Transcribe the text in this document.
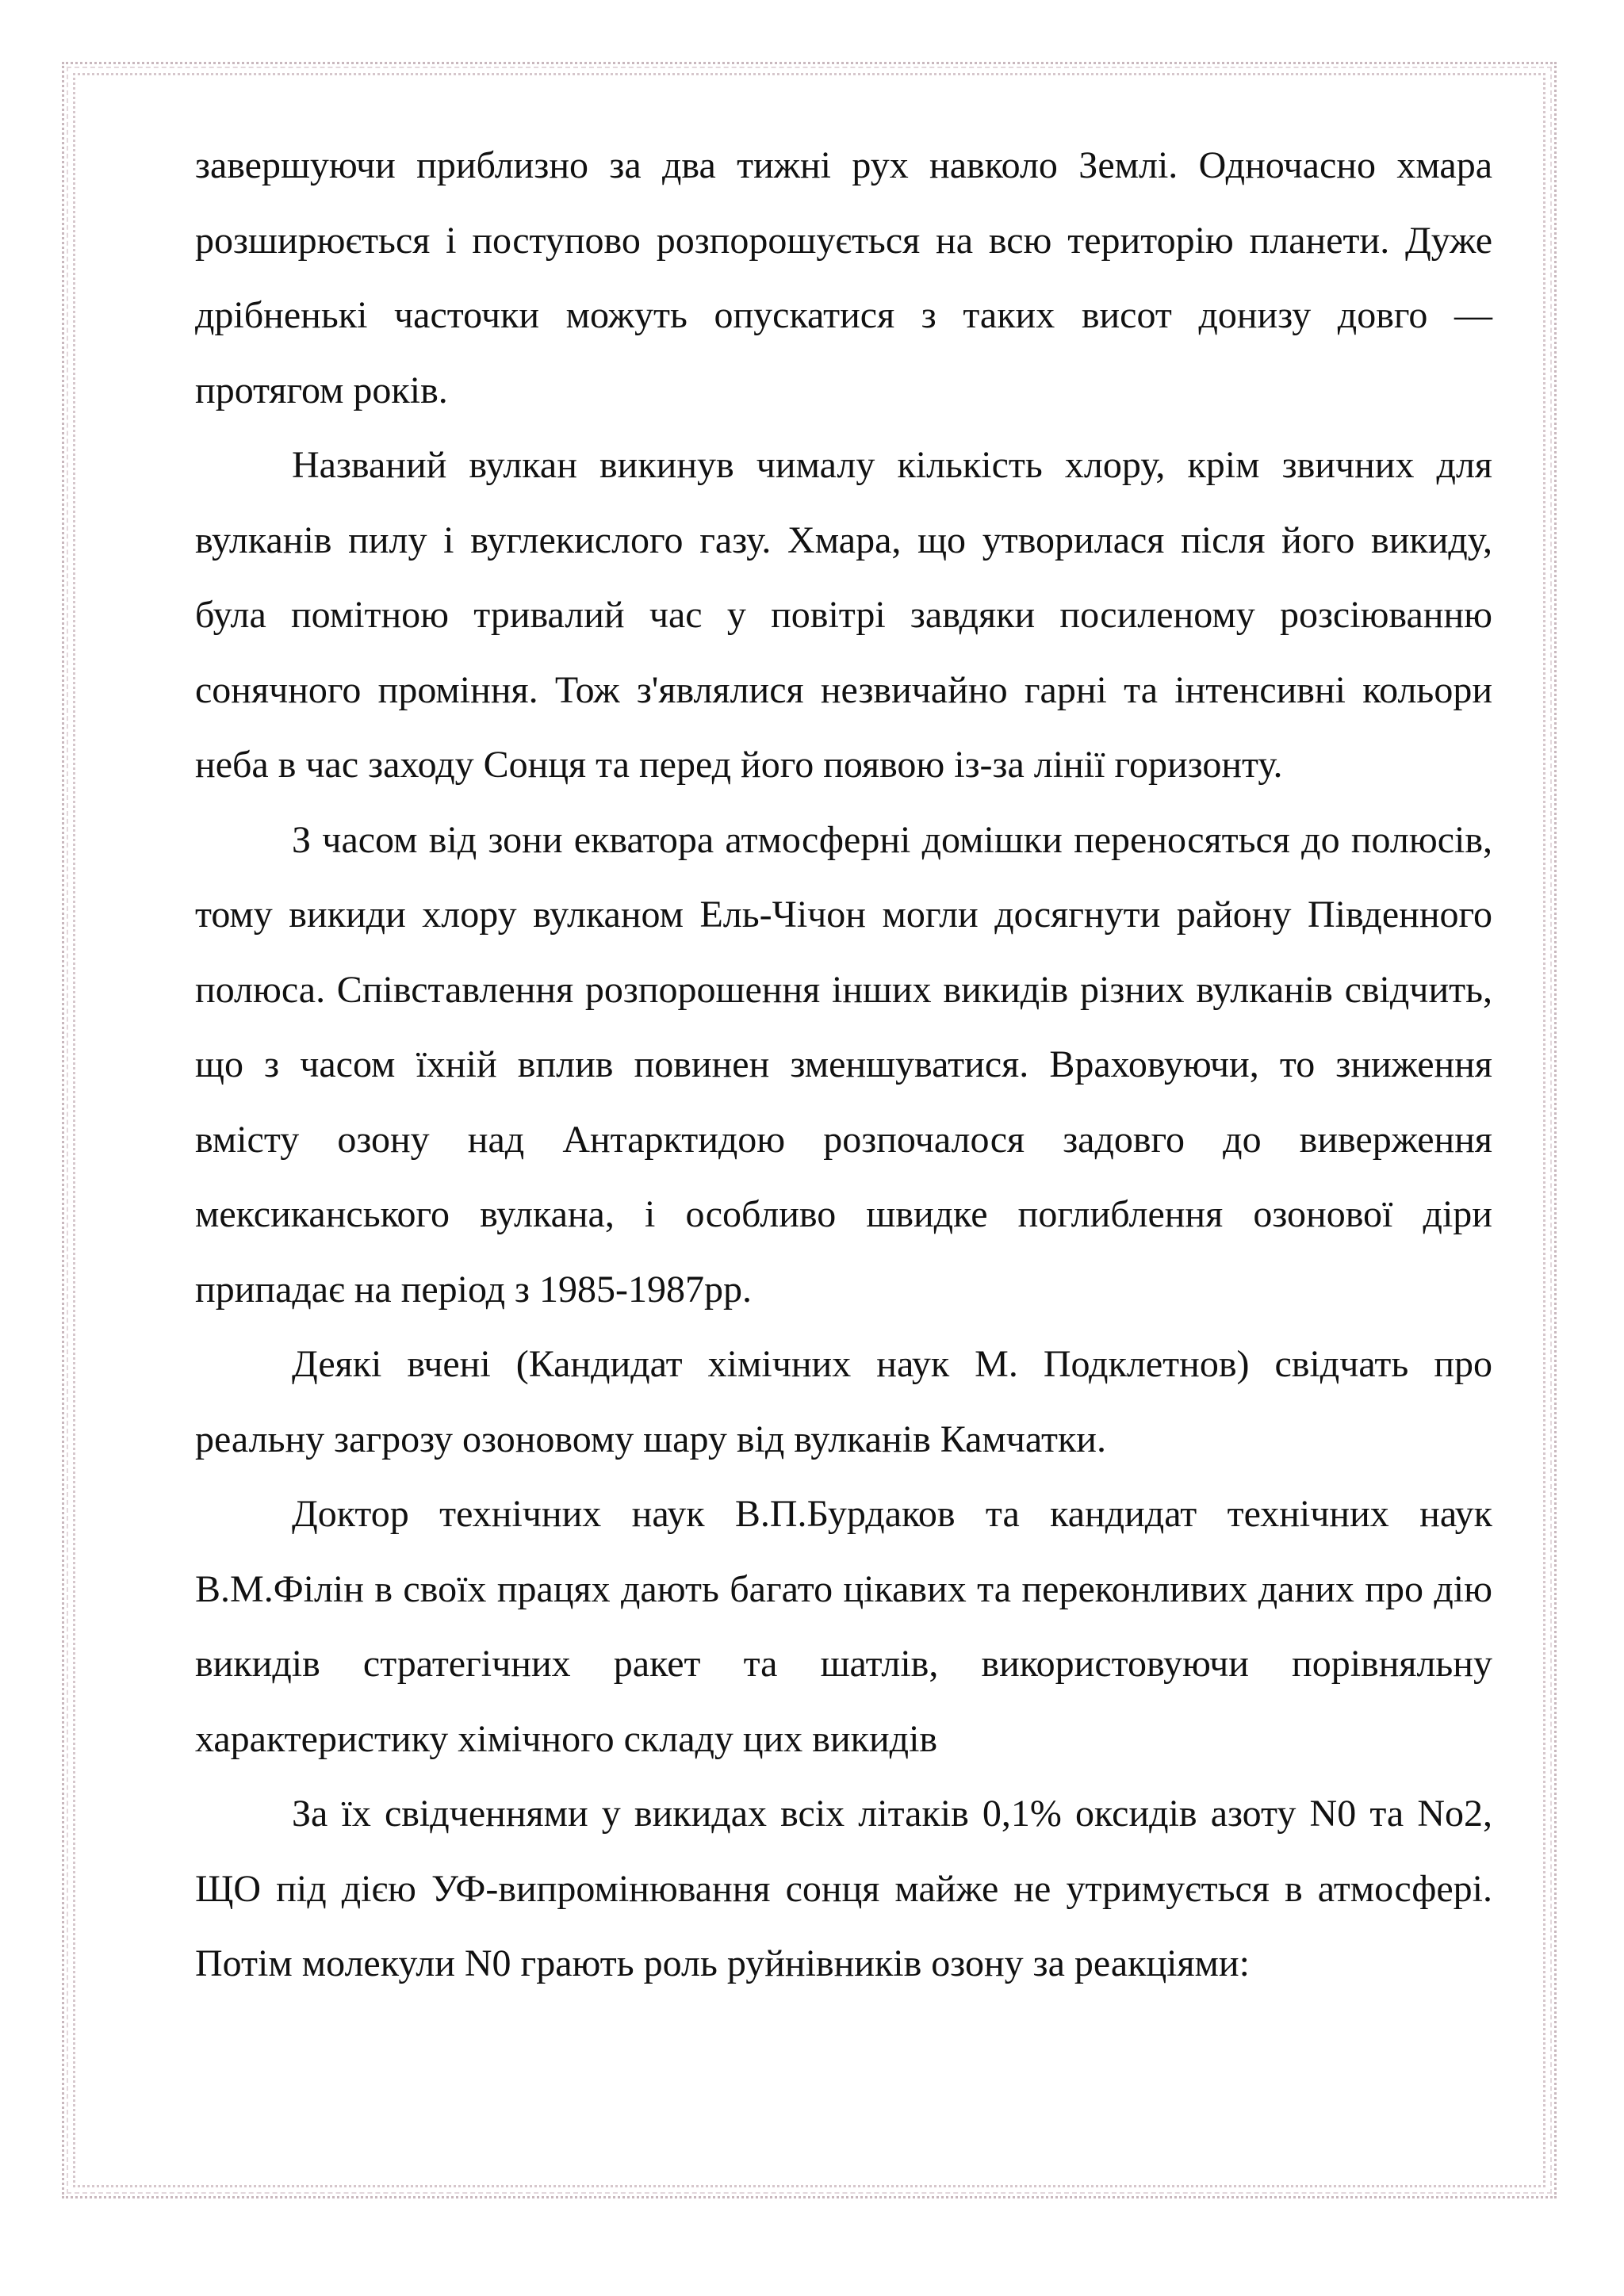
завершуючи приблизно за два тижні рух навколо Землі. Одночасно хмара розширюється і поступово розпорошується на всю територію планети. Дуже дрібненькі часточки можуть опускатися з таких висот донизу довго — протягом років.

Названий вулкан викинув чималу кількість хлору, крім звичних для вулканів пилу і вуглекислого газу. Хмара, що утворилася після його викиду, була помітною тривалий час у повітрі завдяки посиленому розсіюванню сонячного проміння. Тож з'являлися незвичайно гарні та інтенсивні кольори неба в час заходу Сонця та перед його появою із-за лінії горизонту.

З часом від зони екватора атмосферні домішки переносяться до полюсів, тому викиди хлору вулканом Ель-Чічон могли досягнути району Південного полюса. Співставлення розпорошення інших викидів різних вулканів свідчить, що з часом їхній вплив повинен зменшуватися. Враховуючи, то зниження вмісту озону над Антарктидою розпочалося задовго до виверження мексиканського вулкана, і особливо швидке поглиблення озонової діри припадає на період з 1985-1987рр.

Деякі вчені (Кандидат хімічних наук М. Подклетнов) свідчать про реальну загрозу озоновому шару від вулканів Камчатки.

Доктор технічних наук В.П.Бурдаков та кандидат технічних наук В.М.Філін в своїх працях дають багато цікавих та переконливих даних про дію викидів стратегічних ракет та шатлів, використовуючи порівняльну характеристику хімічного складу цих викидів

За їх свідченнями у викидах всіх літаків 0,1% оксидів азоту N0 та Nо2, ЩО під дією УФ-випромінювання сонця майже не утримується в атмосфері. Потім молекули N0 грають роль руйнівників озону за реакціями:
